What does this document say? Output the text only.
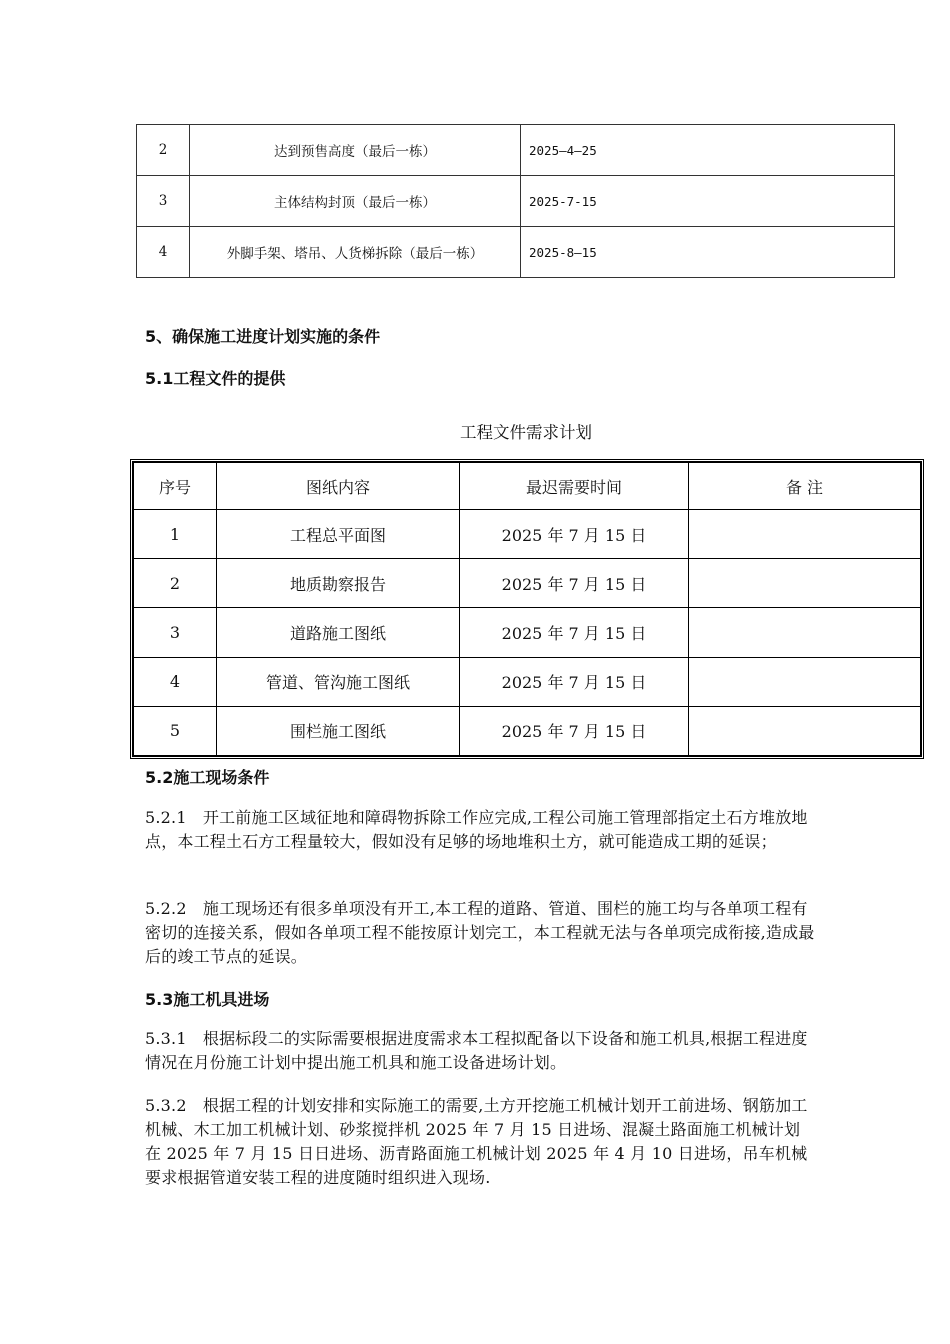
2	达到预售高度（最后一栋）	2025—4—25
3	主体结构封顶（最后一栋）	2025-7-15
4	外脚手架、塔吊、人货梯拆除（最后一栋）	2025-8—15
5、确保施工进度计划实施的条件
5.1工程文件的提供
工程文件需求计划
序号	图纸内容	最迟需要时间	备 注
1	工程总平面图	2025 年 7 月 15 日	
2	地质勘察报告	2025 年 7 月 15 日	
3	道路施工图纸	2025 年 7 月 15 日	
4	管道、管沟施工图纸	2025 年 7 月 15 日	
5	围栏施工图纸	2025 年 7 月 15 日	
5.2施工现场条件
5.2.1　开工前施工区域征地和障碍物拆除工作应完成,工程公司施工管理部指定土石方堆放地点，本工程土石方工程量较大，假如没有足够的场地堆积土方，就可能造成工期的延误；
5.2.2　施工现场还有很多单项没有开工,本工程的道路、管道、围栏的施工均与各单项工程有密切的连接关系，假如各单项工程不能按原计划完工，本工程就无法与各单项完成衔接,造成最后的竣工节点的延误。
5.3施工机具进场
5.3.1　根据标段二的实际需要根据进度需求本工程拟配备以下设备和施工机具,根据工程进度情况在月份施工计划中提出施工机具和施工设备进场计划。
5.3.2　根据工程的计划安排和实际施工的需要,土方开挖施工机械计划开工前进场、钢筋加工机械、木工加工机械计划、砂浆搅拌机 2025 年 7 月 15 日进场、混凝土路面施工机械计划在 2025 年 7 月 15 日日进场、沥青路面施工机械计划 2025 年 4 月 10 日进场，吊车机械要求根据管道安装工程的进度随时组织进入现场.
